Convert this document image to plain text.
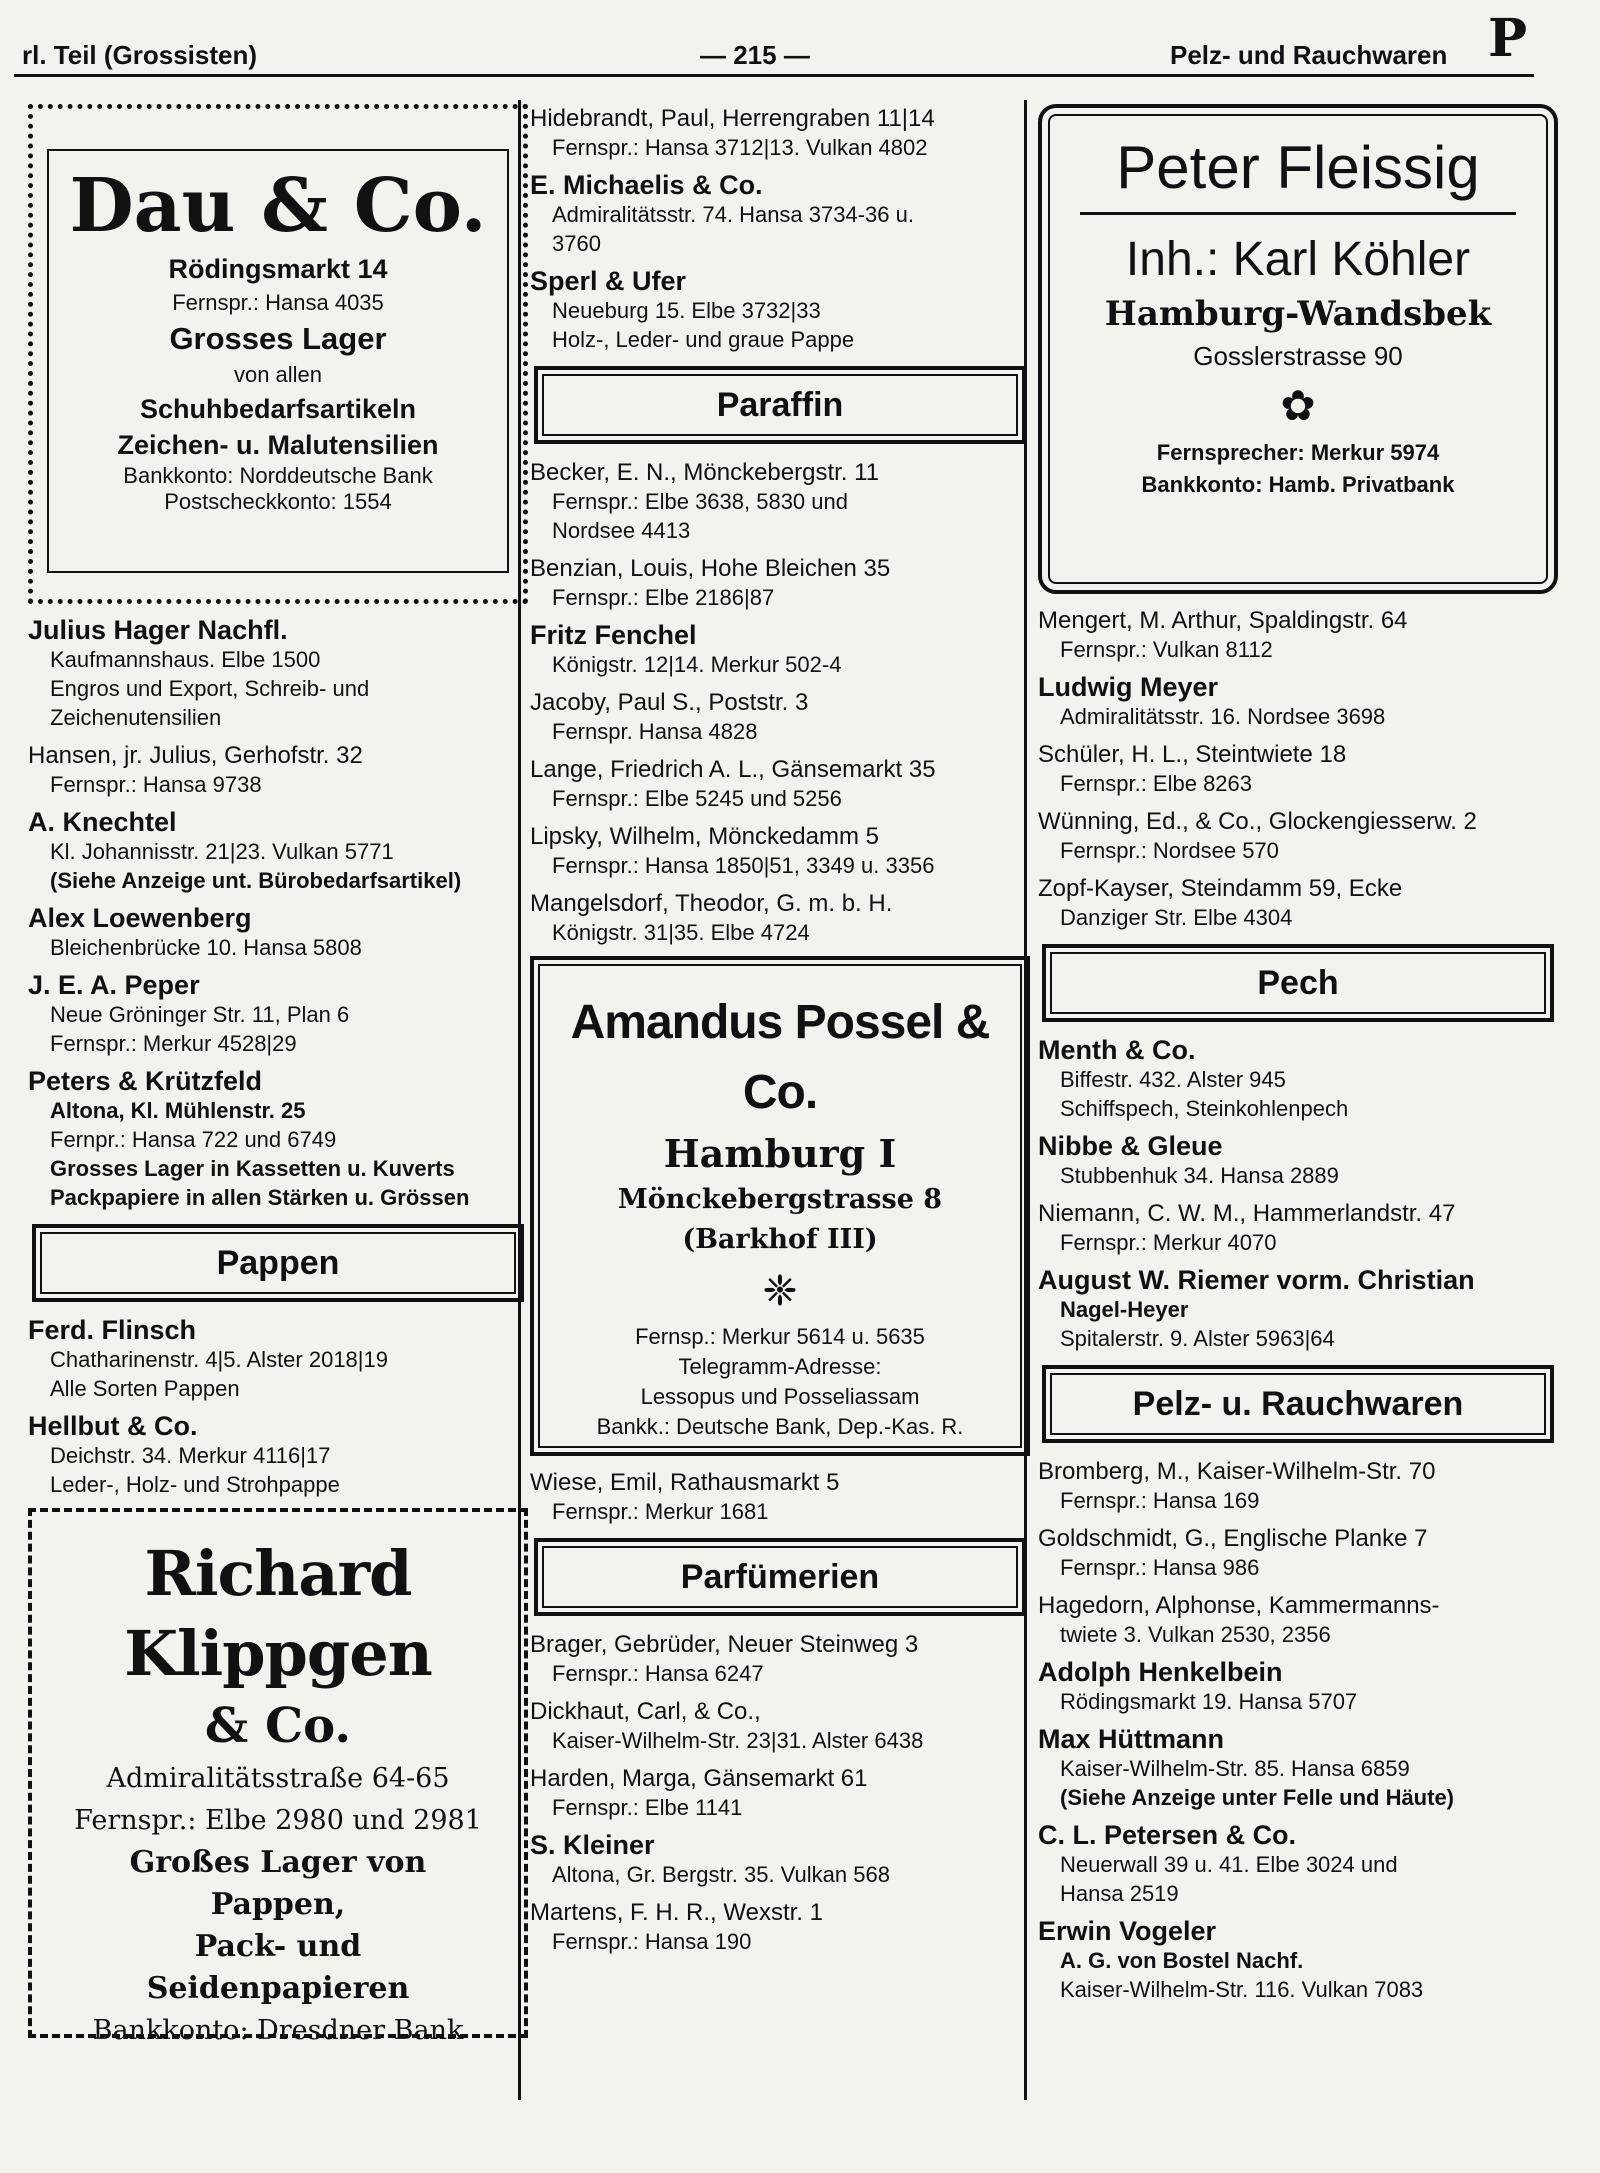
rl. Teil (Grossisten)	— 215 —	Pelz- und Rauchwaren P
Dau & Co.
Rödingsmarkt 14
Fernspr.: Hansa 4035
Grosses Lager
von allen
Schuhbedarfsartikeln
Zeichen- u. Malutensilien
Bankkonto: Norddeutsche Bank
Postscheckkonto: 1554
Julius Hager Nachfl.
Kaufmannshaus. Elbe 1500
Engros und Export, Schreib- und
Zeichenutensilien
Hansen, jr. Julius, Gerhofstr. 32
Fernspr.: Hansa 9738
A. Knechtel
Kl. Johannisstr. 21|23. Vulkan 5771
(Siehe Anzeige unt. Bürobedarfsartikel)
Alex Loewenberg
Bleichenbrücke 10. Hansa 5808
J. E. A. Peper
Neue Gröninger Str. 11, Plan 6
Fernspr.: Merkur 4528|29
Peters & Krützfeld
Altona, Kl. Mühlenstr. 25
Fernpr.: Hansa 722 und 6749
Grosses Lager in Kassetten u. Kuverts
Packpapiere in allen Stärken u. Grössen
Pappen
Ferd. Flinsch
Chatharinenstr. 4|5. Alster 2018|19
Alle Sorten Pappen
Hellbut & Co.
Deichstr. 34. Merkur 4116|17
Leder-, Holz- und Strohpappe
Richard Klippgen
& Co.
Admiralitätsstraße 64-65
Fernspr.: Elbe 2980 und 2981
Großes Lager von Pappen,
Pack- und Seidenpapieren
Bankkonto: Dresdner Bank
Hidebrandt, Paul, Herrengraben 11|14
Fernspr.: Hansa 3712|13. Vulkan 4802
E. Michaelis & Co.
Admiralitätsstr. 74. Hansa 3734-36 u.
3760
Sperl & Ufer
Neueburg 15. Elbe 3732|33
Holz-, Leder- und graue Pappe
Paraffin
Becker, E. N., Mönckebergstr. 11
Fernspr.: Elbe 3638, 5830 und
Nordsee 4413
Benzian, Louis, Hohe Bleichen 35
Fernspr.: Elbe 2186|87
Fritz Fenchel
Königstr. 12|14. Merkur 502-4
Jacoby, Paul S., Poststr. 3
Fernspr. Hansa 4828
Lange, Friedrich A. L., Gänsemarkt 35
Fernspr.: Elbe 5245 und 5256
Lipsky, Wilhelm, Mönckedamm 5
Fernspr.: Hansa 1850|51, 3349 u. 3356
Mangelsdorf, Theodor, G. m. b. H.
Königstr. 31|35. Elbe 4724
Amandus Possel & Co.
Hamburg I
Mönckebergstrasse 8
(Barkhof III)
❈
Fernsp.: Merkur 5614 u. 5635
Telegramm-Adresse:
Lessopus und Posseliassam
Bankk.: Deutsche Bank, Dep.-Kas. R.
Wiese, Emil, Rathausmarkt 5
Fernspr.: Merkur 1681
Parfümerien
Brager, Gebrüder, Neuer Steinweg 3
Fernspr.: Hansa 6247
Dickhaut, Carl, & Co.,
Kaiser-Wilhelm-Str. 23|31. Alster 6438
Harden, Marga, Gänsemarkt 61
Fernspr.: Elbe 1141
S. Kleiner
Altona, Gr. Bergstr. 35. Vulkan 568
Martens, F. H. R., Wexstr. 1
Fernspr.: Hansa 190
Peter Fleissig
Inh.: Karl Köhler
Hamburg-Wandsbek
Gosslerstrasse 90
✿
Fernsprecher: Merkur 5974
Bankkonto: Hamb. Privatbank
Mengert, M. Arthur, Spaldingstr. 64
Fernspr.: Vulkan 8112
Ludwig Meyer
Admiralitätsstr. 16. Nordsee 3698
Schüler, H. L., Steintwiete 18
Fernspr.: Elbe 8263
Wünning, Ed., & Co., Glockengiesserw. 2
Fernspr.: Nordsee 570
Zopf-Kayser, Steindamm 59, Ecke
Danziger Str. Elbe 4304
Pech
Menth & Co.
Biffestr. 432. Alster 945
Schiffspech, Steinkohlenpech
Nibbe & Gleue
Stubbenhuk 34. Hansa 2889
Niemann, C. W. M., Hammerlandstr. 47
Fernspr.: Merkur 4070
August W. Riemer vorm. Christian
Nagel-Heyer
Spitalerstr. 9. Alster 5963|64
Pelz- u. Rauchwaren
Bromberg, M., Kaiser-Wilhelm-Str. 70
Fernspr.: Hansa 169
Goldschmidt, G., Englische Planke 7
Fernspr.: Hansa 986
Hagedorn, Alphonse, Kammermanns-
twiete 3. Vulkan 2530, 2356
Adolph Henkelbein
Rödingsmarkt 19. Hansa 5707
Max Hüttmann
Kaiser-Wilhelm-Str. 85. Hansa 6859
(Siehe Anzeige unter Felle und Häute)
C. L. Petersen & Co.
Neuerwall 39 u. 41. Elbe 3024 und
Hansa 2519
Erwin Vogeler
A. G. von Bostel Nachf.
Kaiser-Wilhelm-Str. 116. Vulkan 7083
